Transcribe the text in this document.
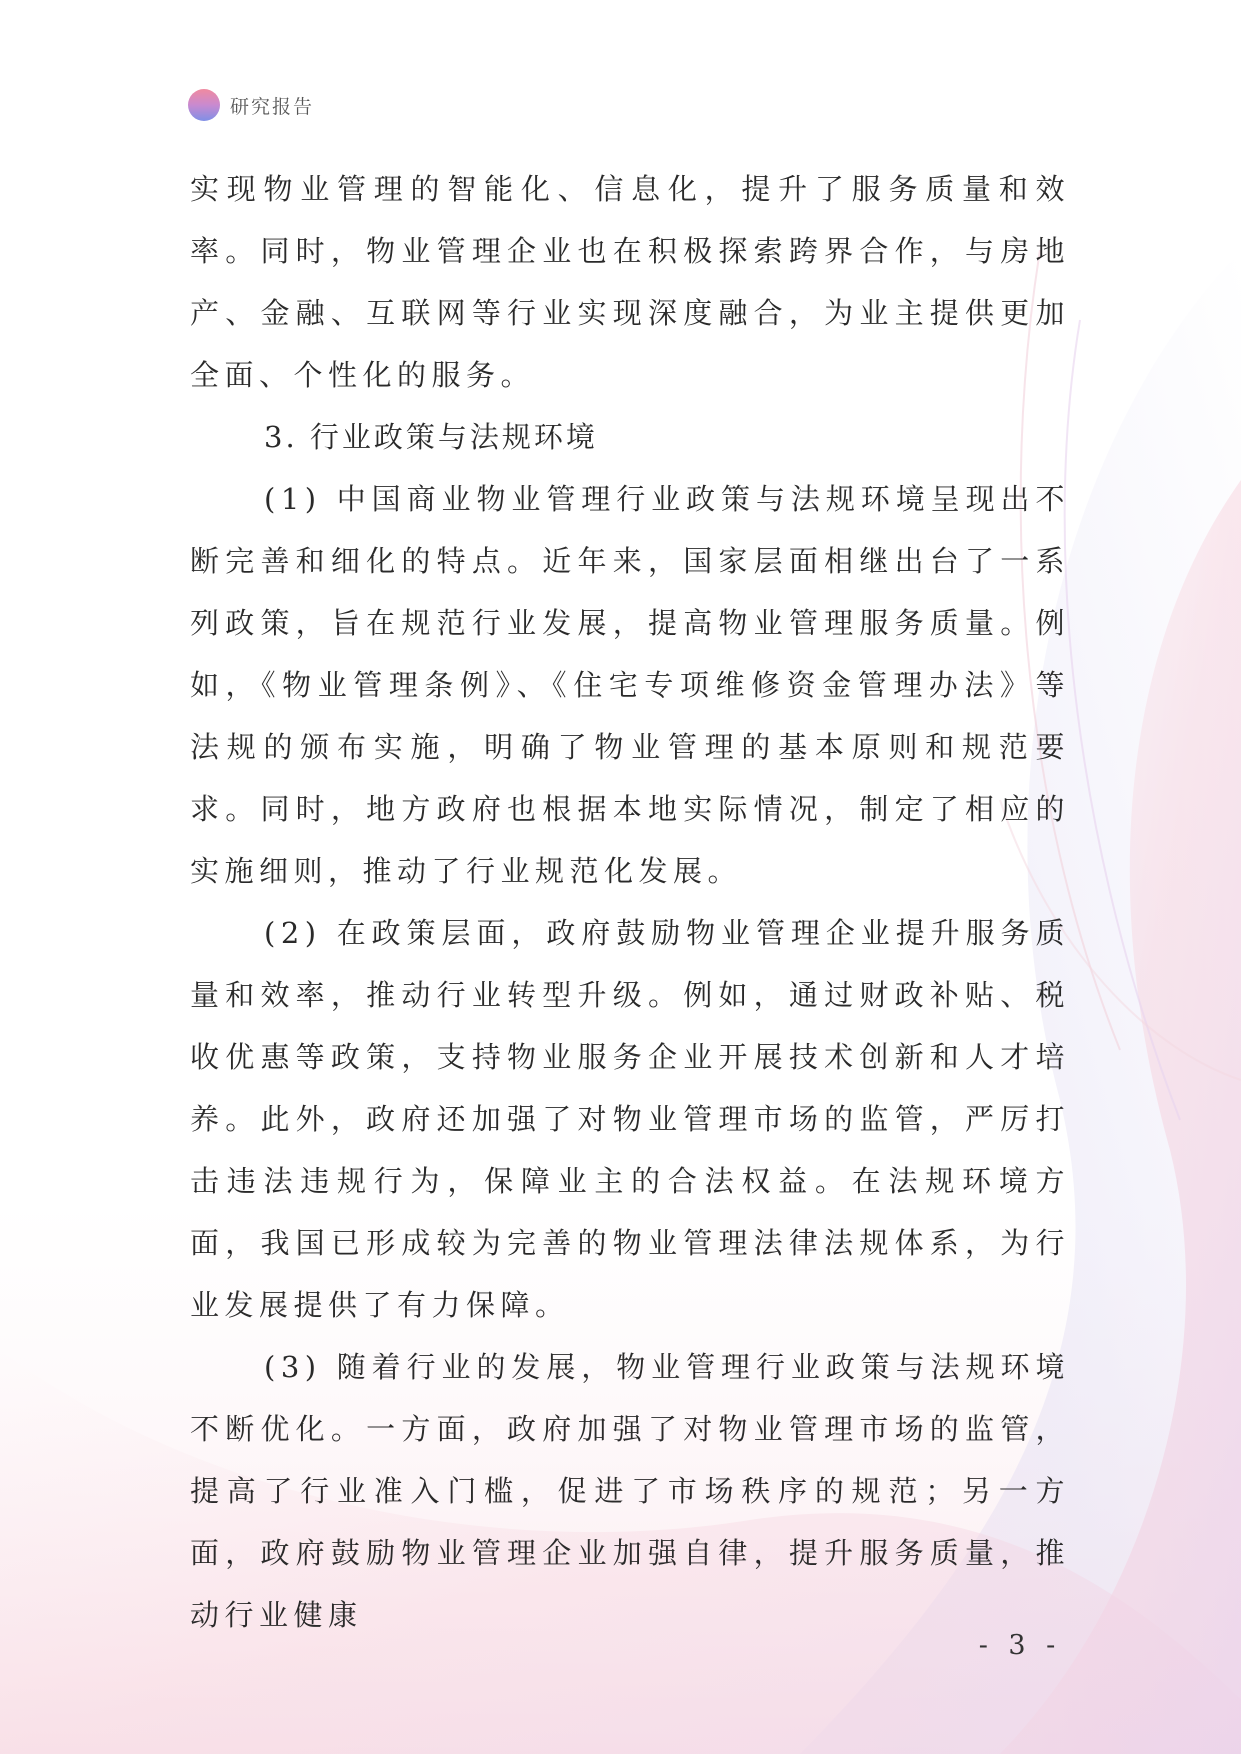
研究报告

实现物业管理的智能化、信息化，提升了服务质量和效率。同时，物业管理企业也在积极探索跨界合作，与房地产、金融、互联网等行业实现深度融合，为业主提供更加全面、个性化的服务。

3. 行业政策与法规环境

(1) 中国商业物业管理行业政策与法规环境呈现出不断完善和细化的特点。近年来，国家层面相继出台了一系列政策，旨在规范行业发展，提高物业管理服务质量。例如，《物业管理条例》、《住宅专项维修资金管理办法》等法规的颁布实施，明确了物业管理的基本原则和规范要求。同时，地方政府也根据本地实际情况，制定了相应的实施细则，推动了行业规范化发展。

(2) 在政策层面，政府鼓励物业管理企业提升服务质量和效率，推动行业转型升级。例如，通过财政补贴、税收优惠等政策，支持物业服务企业开展技术创新和人才培养。此外，政府还加强了对物业管理市场的监管，严厉打击违法违规行为，保障业主的合法权益。在法规环境方面，我国已形成较为完善的物业管理法律法规体系，为行业发展提供了有力保障。

(3) 随着行业的发展，物业管理行业政策与法规环境不断优化。一方面，政府加强了对物业管理市场的监管，提高了行业准入门槛，促进了市场秩序的规范；另一方面，政府鼓励物业管理企业加强自律，提升服务质量，推动行业健康

- 3 -
